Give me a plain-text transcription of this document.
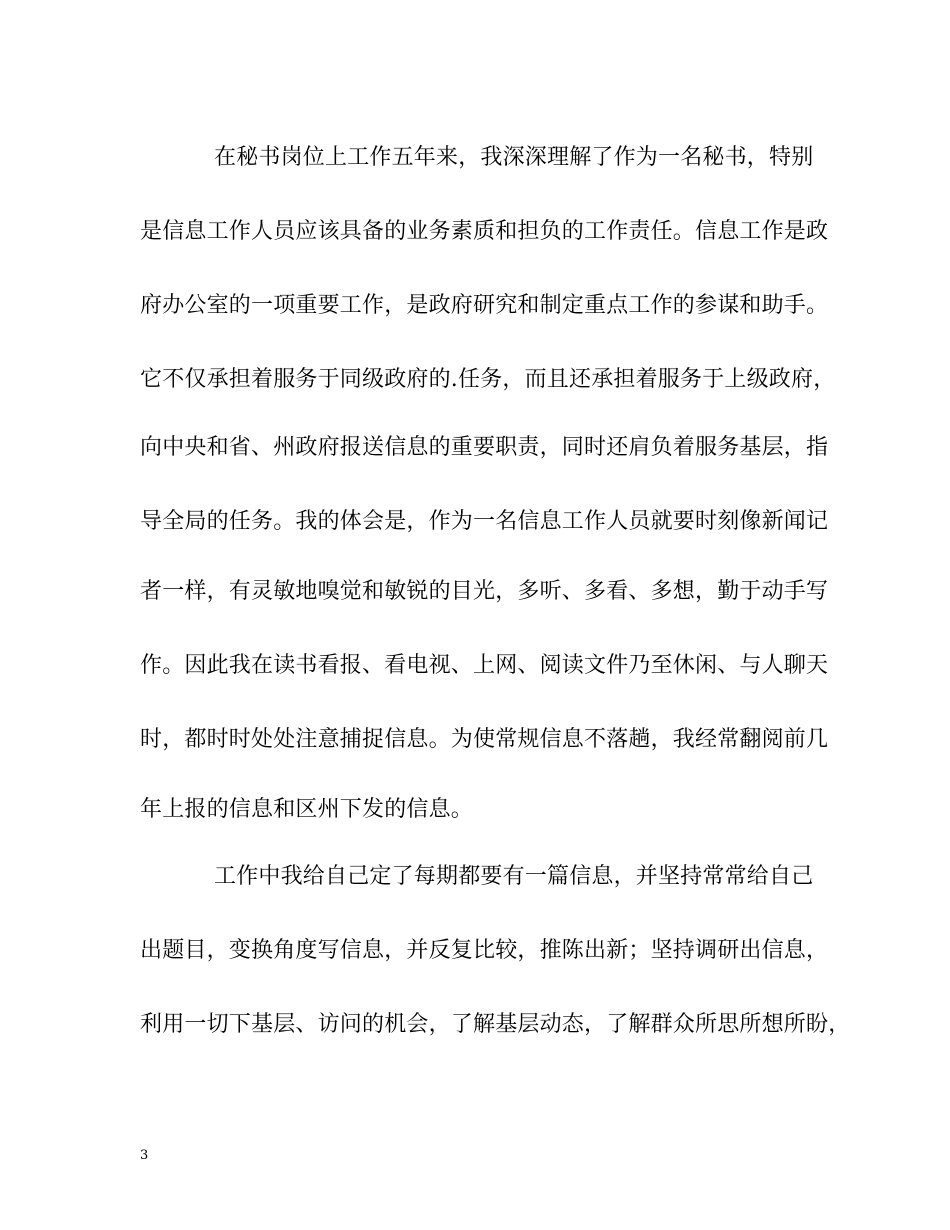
在秘书岗位上工作五年来，我深深理解了作为一名秘书，特别
是信息工作人员应该具备的业务素质和担负的工作责任。信息工作是政
府办公室的一项重要工作，是政府研究和制定重点工作的参谋和助手。
它不仅承担着服务于同级政府的.任务，而且还承担着服务于上级政府，
向中央和省、州政府报送信息的重要职责，同时还肩负着服务基层，指
导全局的任务。我的体会是，作为一名信息工作人员就要时刻像新闻记
者一样，有灵敏地嗅觉和敏锐的目光，多听、多看、多想，勤于动手写
作。因此我在读书看报、看电视、上网、阅读文件乃至休闲、与人聊天
时，都时时处处注意捕捉信息。为使常规信息不落趟，我经常翻阅前几
年上报的信息和区州下发的信息。
工作中我给自己定了每期都要有一篇信息，并坚持常常给自己
出题目，变换角度写信息，并反复比较，推陈出新；坚持调研出信息，
利用一切下基层、访问的机会，了解基层动态，了解群众所思所想所盼，
3
